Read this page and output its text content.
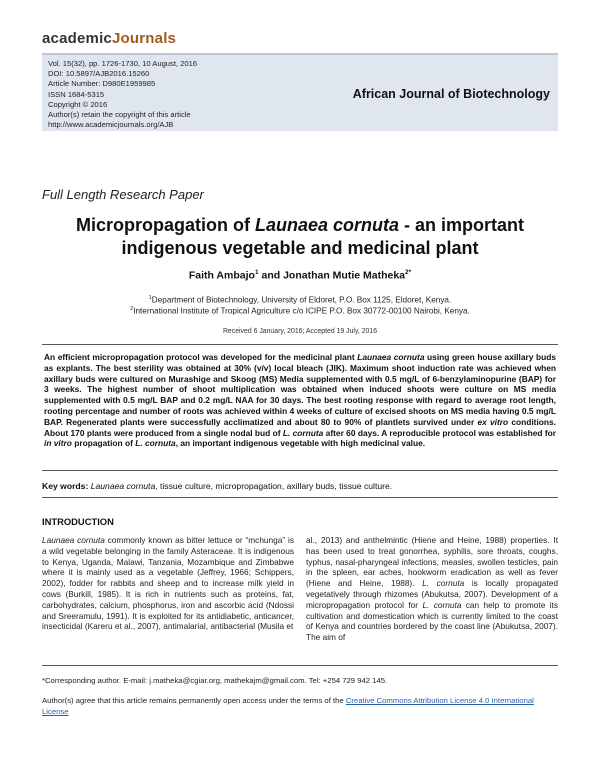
academicJournals
Vol. 15(32), pp. 1726-1730, 10 August, 2016
DOI: 10.5897/AJB2016.15260
Article Number: D980E1959985
ISSN 1684-5315
Copyright © 2016
Author(s) retain the copyright of this article
http://www.academicjournals.org/AJB
African Journal of Biotechnology
Full Length Research Paper
Micropropagation of Launaea cornuta - an important indigenous vegetable and medicinal plant
Faith Ambajo$^1$ and Jonathan Mutie Matheka$^{2*}$
$^1$Department of Biotechnology, University of Eldoret, P.O. Box 1125, Eldoret, Kenya.
$^2$International Institute of Tropical Agriculture c/o ICIPE P.O. Box 30772-00100 Nairobi, Kenya.
Received 6 January, 2016; Accepted 19 July, 2016
An efficient micropropagation protocol was developed for the medicinal plant Launaea cornuta using green house axillary buds as explants. The best sterility was obtained at 30% (v/v) local bleach (JIK). Maximum shoot induction rate was achieved when axillary buds were cultured on Murashige and Skoog (MS) Media supplemented with 0.5 mg/L of 6-benzylaminopurine (BAP) for 3 weeks. The highest number of shoot multiplication was obtained when induced shoots were culture on MS media supplemented with 0.5 mg/L BAP and 0.2 mg/L NAA for 30 days. The best rooting response with regard to average root length, rooting percentage and number of roots was achieved within 4 weeks of culture of excised shoots on MS media having 0.5 mg/L BAP. Regenerated plants were successfully acclimatized and about 80 to 90% of plantlets survived under ex vitro conditions. About 170 plants were produced from a single nodal bud of L. cornuta after 60 days. A reproducible protocol was established for in vitro propagation of L. cornuta, an important indigenous vegetable with high medicinal value.
Key words: Launaea cornuta, tissue culture, micropropagation, axillary buds, tissue culture.
INTRODUCTION
Launaea cornuta commonly known as bitter lettuce or “mchunga” is a wild vegetable belonging in the family Asteraceae. It is indigenous to Kenya, Uganda, Malawi, Tanzania, Mozambique and Zimbabwe where it is mainly used as a vegetable (Jeffrey, 1966; Schippers, 2002), fodder for rabbits and sheep and to increase milk yield in cows (Burkill, 1985). It is rich in nutrients such as proteins, fat, carbohydrates, calcium, phosphorus, iron and ascorbic acid (Ndossi and Sreeramulu, 1991). It is exploited for its antidiabetic, anticancer, insecticidal (Kareru et al., 2007), antimalarial, antibacterial (Musila et
al., 2013) and anthelmintic (Hiene and Heine, 1988) properties. It has been used to treat gonorrhea, syphilis, sore throats, coughs, typhus, nasal-pharyngeal infections, measles, swollen testicles, pain in the spleen, ear aches, hookworm eradication as well as fever (Hiene and Heine, 1988). L. cornuta is locally propagated vegetatively through rhizomes (Abukutsa, 2007). Development of a micropropagation protocol for L. cornuta can help to promote its cultivation and domestication which is currently limited to the coast of Kenya and countries bordered by the coast line (Abukutsa, 2007). The aim of
*Corresponding author. E-mail: j.matheka@cgiar.org, mathekajm@gmail.com. Tel: +254 729 942 145.
Author(s) agree that this article remains permanently open access under the terms of the Creative Commons Attribution License 4.0 International License
